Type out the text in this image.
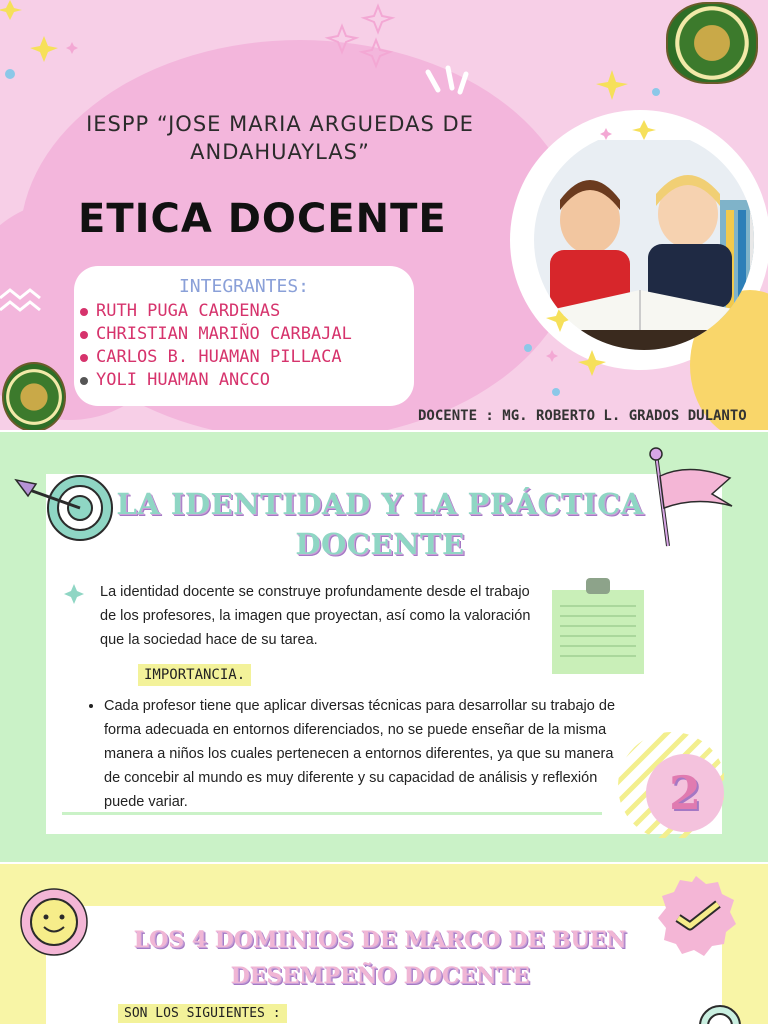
IESPP “JOSE MARIA ARGUEDAS DE ANDAHUAYLAS”
ETICA DOCENTE
INTEGRANTES:
RUTH PUGA CARDENAS
CHRISTIAN MARIÑO CARBAJAL
CARLOS B. HUAMAN PILLACA
YOLI HUAMAN ANCCO
DOCENTE : MG. ROBERTO L. GRADOS DULANTO
LA IDENTIDAD Y LA PRÁCTICA DOCENTE
La identidad docente se construye profundamente desde el trabajo de los profesores, la imagen que proyectan, así como la valoración que la sociedad hace de su tarea.
IMPORTANCIA.
• Cada profesor tiene que aplicar diversas técnicas para desarrollar su trabajo de forma adecuada en entornos diferenciados, no se puede enseñar de la misma manera a niños los cuales pertenecen a entornos diferentes, ya que su manera de concebir al mundo es muy diferente y su capacidad de análisis y reflexión puede variar.	2
LOS 4 DOMINIOS DE MARCO DE BUEN DESEMPEÑO DOCENTE
SON LOS SIGUIENTES :
